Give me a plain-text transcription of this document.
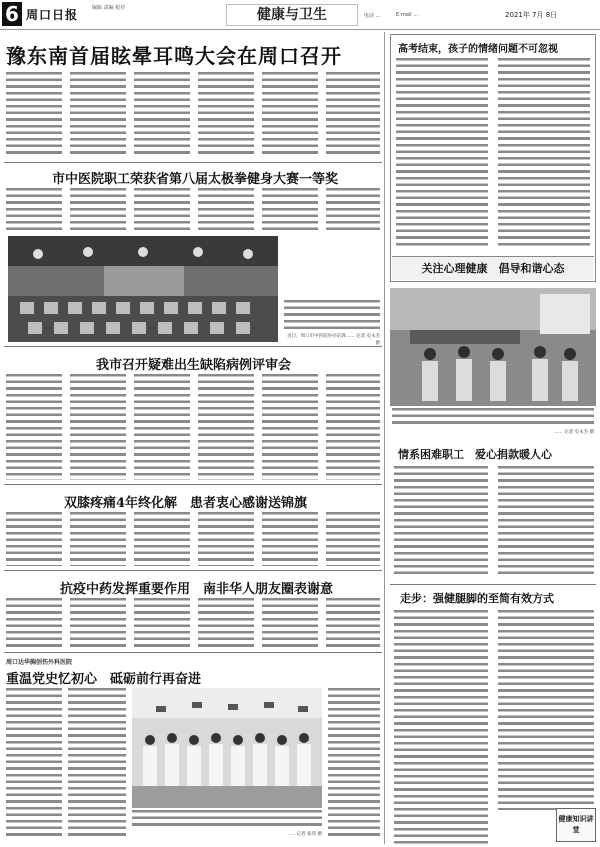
6 周口日报	编辑 责编 校对	健康与卫生	电话 …	E-mail …	2021年 7月 8日
豫东南首届眩晕耳鸣大会在周口召开
市中医院职工荣获省第八届太极拳健身大赛一等奖
近日，周口市中医院举办培训…… 记者 史永杰 摄
我市召开疑难出生缺陷病例评审会
双膝疼痛4年终化解　患者衷心感谢送锦旗
抗疫中药发挥重要作用　南非华人朋友圈表谢意
周口达华胸创伤外科医院
重温党史忆初心　砥砺前行再奋进
……记者 张伟 摄
高考结束，孩子的情绪问题不可忽视
关注心理健康　倡导和谐心态
…… 记者 史永杰 摄
情系困难职工　爱心捐款暖人心
走步：强健腿脚的至简有效方式
健康知识讲堂
